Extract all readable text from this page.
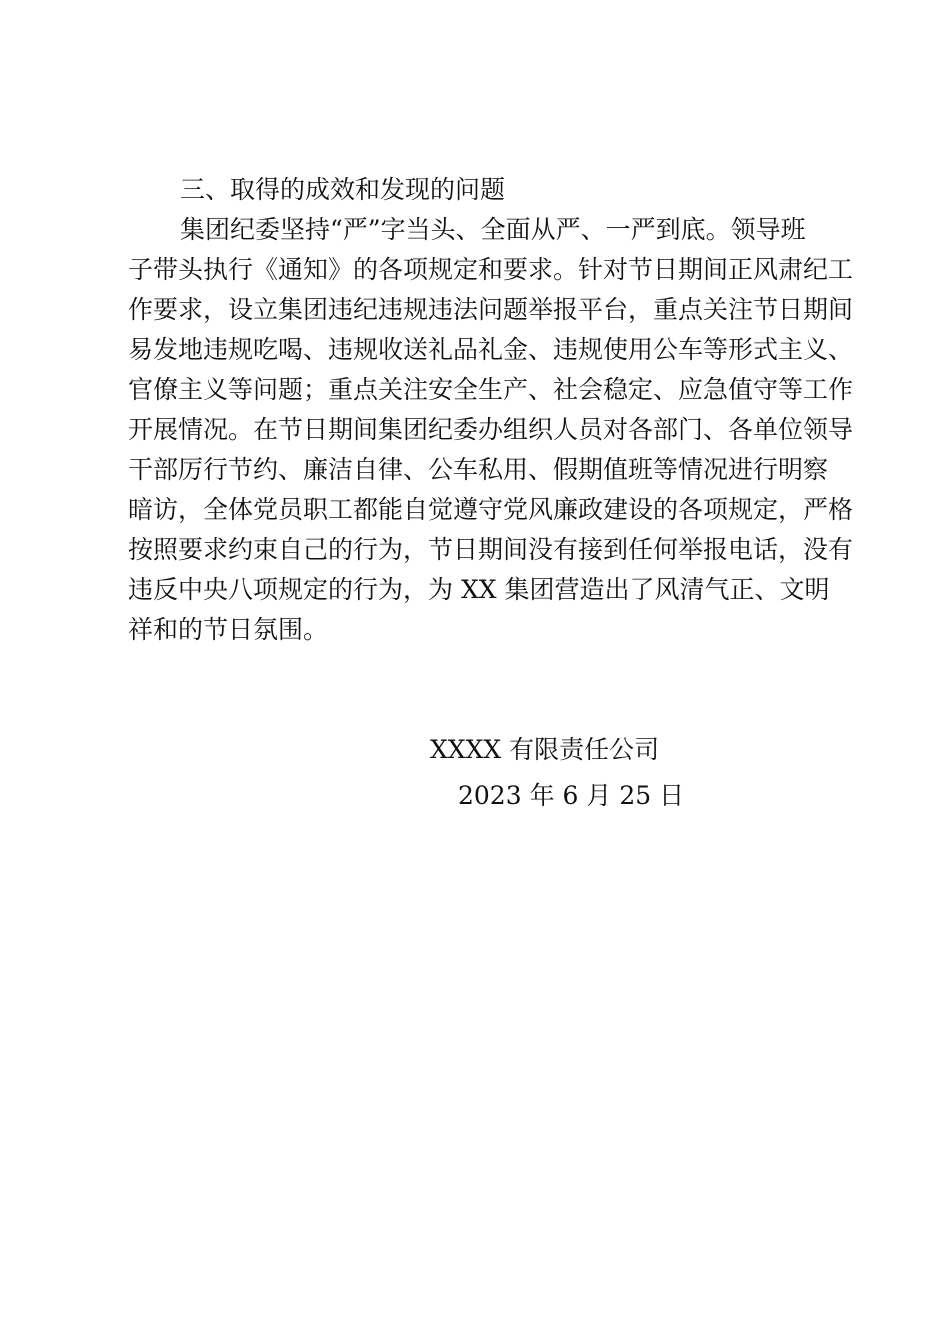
三、取得的成效和发现的问题
集团纪委坚持“严”字当头、全面从严、一严到底。领导班
子带头执行《通知》的各项规定和要求。针对节日期间正风肃纪工
作要求，设立集团违纪违规违法问题举报平台，重点关注节日期间
易发地违规吃喝、违规收送礼品礼金、违规使用公车等形式主义、
官僚主义等问题；重点关注安全生产、社会稳定、应急值守等工作
开展情况。在节日期间集团纪委办组织人员对各部门、各单位领导
干部厉行节约、廉洁自律、公车私用、假期值班等情况进行明察
暗访，全体党员职工都能自觉遵守党风廉政建设的各项规定，严格
按照要求约束自己的行为，节日期间没有接到任何举报电话，没有
违反中央八项规定的行为，为 XX 集团营造出了风清气正、文明
祥和的节日氛围。
XXXX 有限责任公司
2023 年 6 月 25 日
